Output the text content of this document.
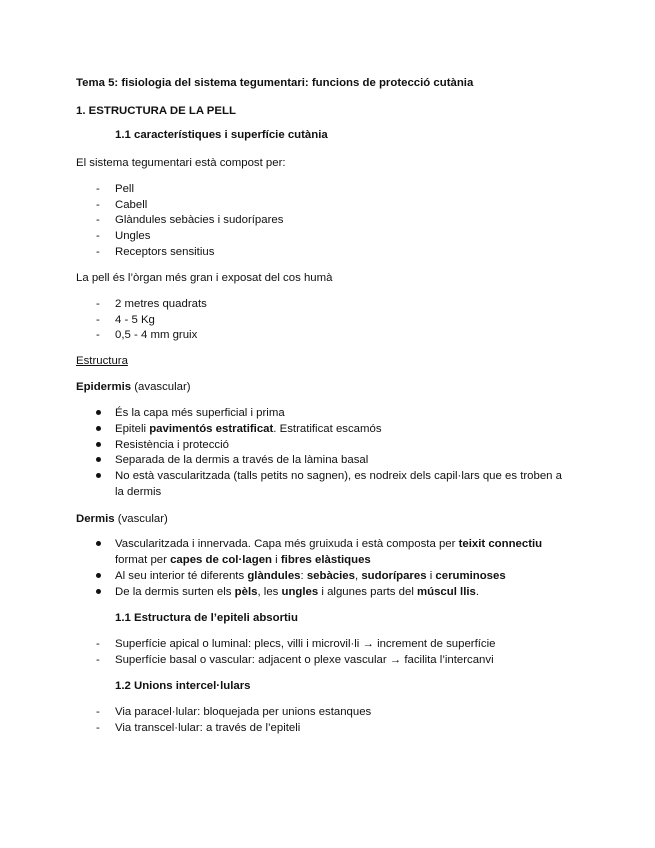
Tema 5: fisiologia del sistema tegumentari: funcions de protecció cutània
1. ESTRUCTURA DE LA PELL
1.1 característiques i superfície cutània
El sistema tegumentari està compost per:
- Pell
- Cabell
- Glàndules sebàcies i sudorípares
- Ungles
- Receptors sensitius
La pell és l’òrgan més gran i exposat del cos humà
- 2 metres quadrats
- 4 - 5 Kg
- 0,5 - 4 mm gruix
Estructura
Epidermis (avascular)
És la capa més superficial i prima
Epiteli pavimentós estratificat. Estratificat escamós
Resistència i protecció
Separada de la dermis a través de la làmina basal
No està vascularitzada (talls petits no sagnen), es nodreix dels capil·lars que es troben a
la dermis
Dermis (vascular)
Vascularitzada i innervada. Capa més gruixuda i està composta per teixit connectiu
format per capes de col·lagen i fibres elàstiques
Al seu interior té diferents glàndules: sebàcies, sudorípares i ceruminoses
De la dermis surten els pèls, les ungles i algunes parts del múscul llis.
1.1 Estructura de l’epiteli absortiu
- Superfície apical o luminal: plecs, villi i microvil·li → increment de superfície
- Superfície basal o vascular: adjacent o plexe vascular → facilita l’intercanvi
1.2 Unions intercel·lulars
- Via paracel·lular: bloquejada per unions estanques
- Via transcel·lular: a través de l’epiteli
